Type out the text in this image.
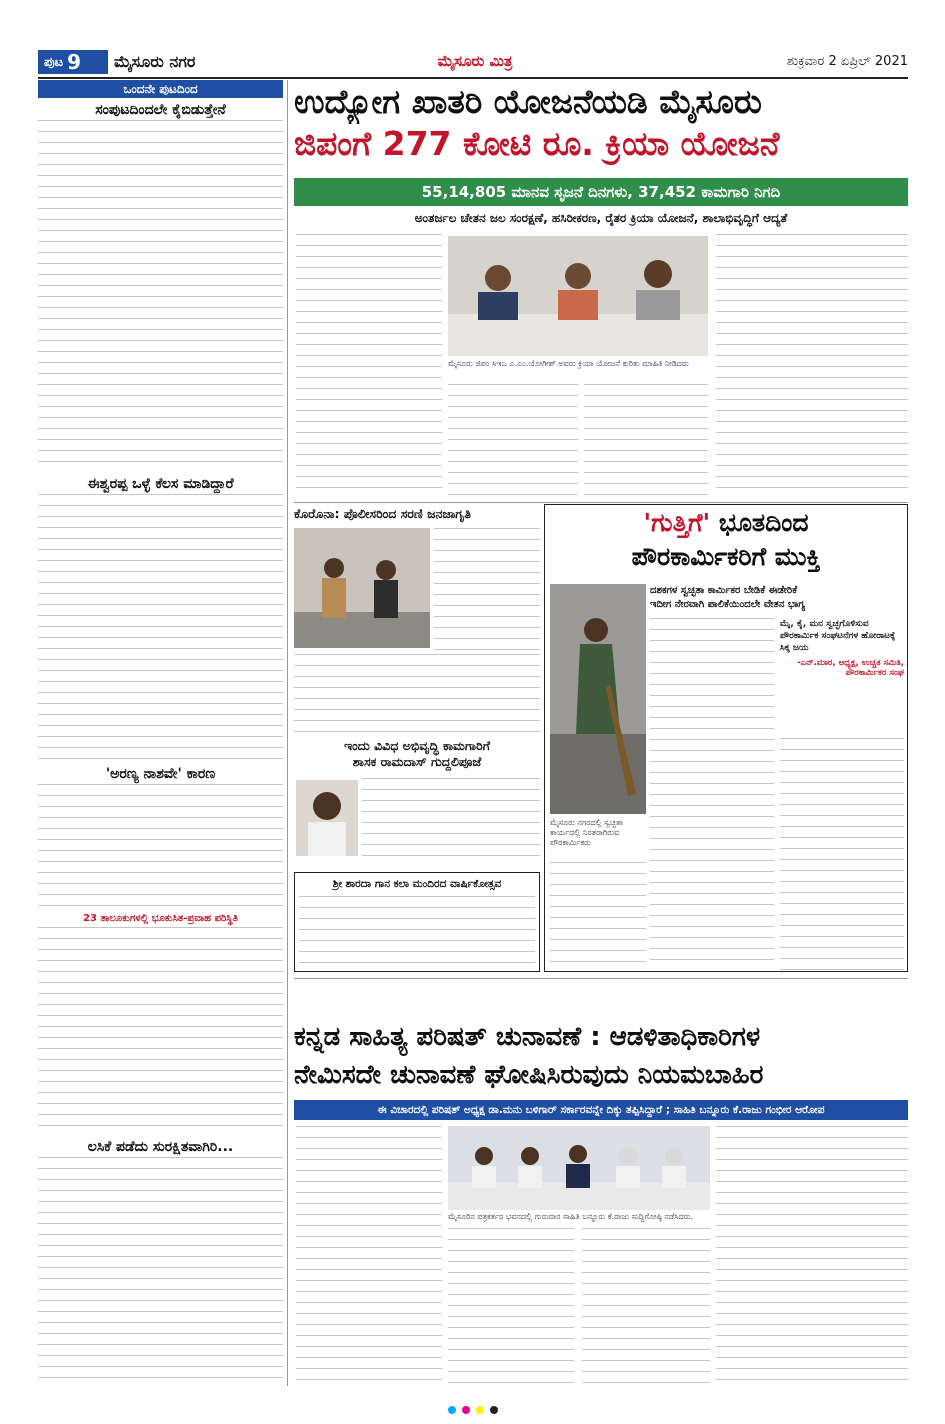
ಪುಟ 9 ಮೈಸೂರು ನಗರ	ಮೈಸೂರು ಮಿತ್ರ	ಶುಕ್ರವಾರ 2 ಏಪ್ರಿಲ್ 2021
ಒಂದನೇ ಪುಟದಿಂದ
ಸಂಪುಟದಿಂದಲೇ ಕೈಬಿಡುತ್ತೇನೆ
ಈಶ್ವರಪ್ಪ ಒಳ್ಳೆ ಕೆಲಸ ಮಾಡಿದ್ದಾರೆ
'ಅರಣ್ಯ ನಾಶವೇ' ಕಾರಣ
23 ತಾಲೂಕುಗಳಲ್ಲಿ ಭೂಕುಸಿತ-ಪ್ರವಾಹ ಪರಿಸ್ಥಿತಿ
ಲಸಿಕೆ ಪಡೆದು ಸುರಕ್ಷಿತವಾಗಿರಿ...
ಉದ್ಯೋಗ ಖಾತರಿ ಯೋಜನೆಯಡಿ ಮೈಸೂರು
ಜಿಪಂಗೆ 277 ಕೋಟಿ ರೂ. ಕ್ರಿಯಾ ಯೋಜನೆ
55,14,805 ಮಾನವ ಸೃಜನೆ ದಿನಗಳು, 37,452 ಕಾಮಗಾರಿ ನಿಗದಿ
ಅಂತರ್ಜಲ ಚೇತನ ಜಲ ಸಂರಕ್ಷಣೆ, ಹಸಿರೀಕರಣ, ರೈತರ ಕ್ರಿಯಾ ಯೋಜನೆ, ಶಾಲಾಭಿವೃದ್ಧಿಗೆ ಆದ್ಯತೆ
ಮೈಸೂರು ಜಿಪಂ ಸಿಇಒ ಎ.ಎಂ.ಯೋಗೀಶ್ ಅವರು ಕ್ರಿಯಾ ಯೋಜನೆ ಕುರಿತು ಮಾಹಿತಿ ನೀಡಿದರು
ಕೊರೊನಾ: ಪೊಲೀಸರಿಂದ ಸರಣಿ ಜನಜಾಗೃತಿ
ಇಂದು ವಿವಿಧ ಅಭಿವೃದ್ಧಿ ಕಾಮಗಾರಿಗೆ
ಶಾಸಕ ರಾಮದಾಸ್ ಗುದ್ದಲಿಪೂಜೆ
ಶ್ರೀ ಶಾರದಾ ಗಾನ ಕಲಾ ಮಂದಿರದ ವಾರ್ಷಿಕೋತ್ಸವ
'ಗುತ್ತಿಗೆ' ಭೂತದಿಂದ
ಪೌರಕಾರ್ಮಿಕರಿಗೆ ಮುಕ್ತಿ
ದಶಕಗಳ ಸ್ವಚ್ಛತಾ ಕಾರ್ಮಿಕರ ಬೇಡಿಕೆ ಈಡೇರಿಕೆ
ಇದೀಗ ನೇರವಾಗಿ ಪಾಲಿಕೆಯಿಂದಲೇ ವೇತನ ಭಾಗ್ಯ
ಮೈ, ಕೈ, ಮನ ಸ್ವಚ್ಛಗೊಳಿಸುವ ಪೌರಕಾರ್ಮಿಕ ಸಂಘಟನೆಗಳ ಹೋರಾಟಕ್ಕೆ ಸಿಕ್ಕ ಜಯ
-ಎನ್.ಮಾರ, ಅಧ್ಯಕ್ಷ, ಉಚ್ಚತ ಸಮಿತಿ, ಪೌರಕಾರ್ಮಿಕರ ಸಂಘ
ಮೈಸೂರು ನಗರದಲ್ಲಿ ಸ್ವಚ್ಛತಾ ಕಾರ್ಯದಲ್ಲಿ ನಿರತರಾಗಿರುವ ಪೌರಕಾರ್ಮಿಕರು
ಕನ್ನಡ ಸಾಹಿತ್ಯ ಪರಿಷತ್ ಚುನಾವಣೆ : ಆಡಳಿತಾಧಿಕಾರಿಗಳ
ನೇಮಿಸದೇ ಚುನಾವಣೆ ಘೋಷಿಸಿರುವುದು ನಿಯಮಬಾಹಿರ
ಈ ವಿಚಾರದಲ್ಲಿ ಪರಿಷತ್ ಅಧ್ಯಕ್ಷ ಡಾ.ಮನು ಬಳಿಗಾರ್ ಸರ್ಕಾರವನ್ನೇ ದಿಕ್ಕು ತಪ್ಪಿಸಿದ್ದಾರೆ ; ಸಾಹಿತಿ ಬನ್ನೂರು ಕೆ.ರಾಜು ಗಂಭೀರ ಆರೋಪ
ಮೈಸೂರಿನ ಪತ್ರಕರ್ತರ ಭವನದಲ್ಲಿ ಗುರುವಾರ ಸಾಹಿತಿ ಬನ್ನೂರು ಕೆ.ರಾಜು ಸುದ್ದಿಗೋಷ್ಠಿ ನಡೆಸಿದರು.
